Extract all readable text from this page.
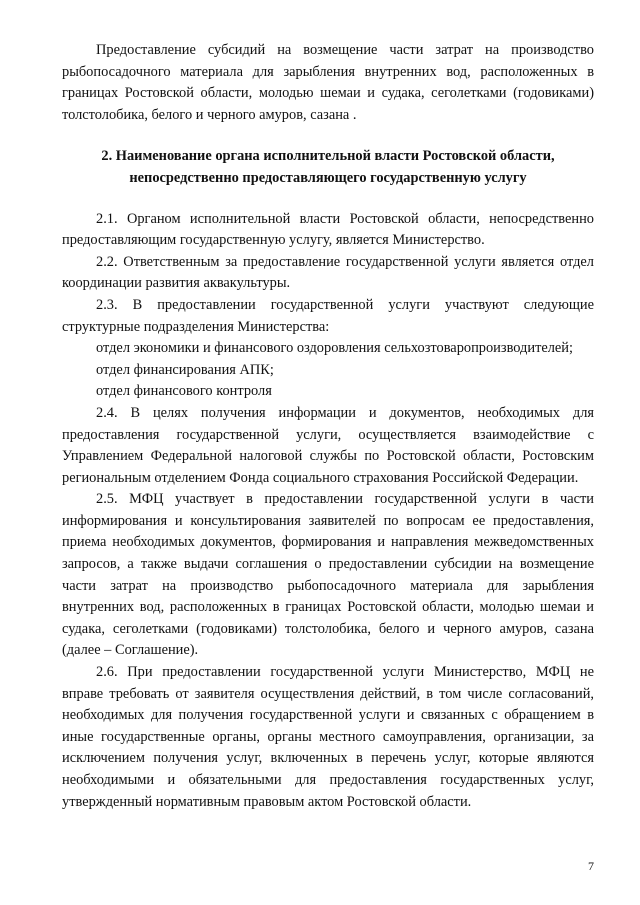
Предоставление субсидий на возмещение части затрат на производство рыбопосадочного материала для зарыбления внутренних вод, расположенных в границах Ростовской области, молодью шемаи и судака, сеголетками (годовиками) толстолобика, белого и черного амуров, сазана .

2. Наименование органа исполнительной власти Ростовской области,
непосредственно предоставляющего государственную услугу

2.1. Органом исполнительной власти Ростовской области, непосредственно предоставляющим государственную услугу, является Министерство.

2.2. Ответственным за предоставление государственной услуги является отдел координации развития аквакультуры.

2.3. В предоставлении государственной услуги участвуют следующие структурные подразделения Министерства:

отдел экономики и финансового оздоровления сельхозтоваропроизводителей;

отдел финансирования АПК;

отдел финансового контроля

2.4. В целях получения информации и документов, необходимых для предоставления государственной услуги, осуществляется взаимодействие с Управлением Федеральной налоговой службы по Ростовской области, Ростовским региональным отделением Фонда социального страхования Российской Федерации.

2.5. МФЦ участвует в предоставлении государственной услуги в части информирования и консультирования заявителей по вопросам ее предоставления, приема необходимых документов, формирования и направления межведомственных запросов, а также выдачи соглашения о предоставлении субсидии на возмещение части затрат на производство рыбопосадочного материала для зарыбления внутренних вод, расположенных в границах Ростовской области, молодью шемаи и судака, сеголетками (годовиками) толстолобика, белого и черного амуров, сазана (далее – Соглашение).

2.6. При предоставлении государственной услуги Министерство, МФЦ не вправе требовать от заявителя осуществления действий, в том числе согласований, необходимых для получения государственной услуги и связанных с обращением в иные государственные органы, органы местного самоуправления, организации, за исключением получения услуг, включенных в перечень услуг, которые являются необходимыми и обязательными для предоставления государственных услуг, утвержденный нормативным правовым актом Ростовской области.

7
